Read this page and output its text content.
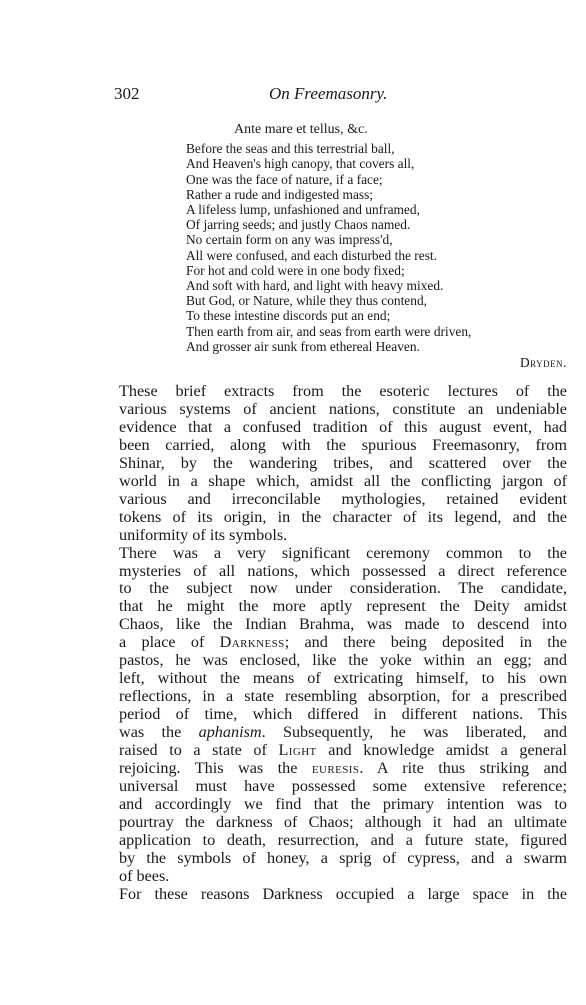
302	On Freemasonry.
Ante mare et tellus, &c.
Before the seas and this terrestrial ball,
And Heaven's high canopy, that covers all,
One was the face of nature, if a face;
Rather a rude and indigested mass;
A lifeless lump, unfashioned and unframed,
Of jarring seeds; and justly Chaos named.
No certain form on any was impress'd,
All were confused, and each disturbed the rest.
For hot and cold were in one body fixed;
And soft with hard, and light with heavy mixed.
But God, or Nature, while they thus contend,
To these intestine discords put an end;
Then earth from air, and seas from earth were driven,
And grosser air sunk from ethereal Heaven.
Dryden.

These brief extracts from the esoteric lectures of the
various systems of ancient nations, constitute an undeniable
evidence that a confused tradition of this august event, had
been carried, along with the spurious Freemasonry, from
Shinar, by the wandering tribes, and scattered over the
world in a shape which, amidst all the conflicting jargon of
various and irreconcilable mythologies, retained evident
tokens of its origin, in the character of its legend, and the
uniformity of its symbols.

There was a very significant ceremony common to the
mysteries of all nations, which possessed a direct reference
to the subject now under consideration. The candidate,
that he might the more aptly represent the Deity amidst
Chaos, like the Indian Brahma, was made to descend into
a place of Darkness; and there being deposited in the
pastos, he was enclosed, like the yoke within an egg; and
left, without the means of extricating himself, to his own
reflections, in a state resembling absorption, for a prescribed
period of time, which differed in different nations. This
was the aphanism. Subsequently, he was liberated, and
raised to a state of Light and knowledge amidst a general
rejoicing. This was the euresis. A rite thus striking and
universal must have possessed some extensive reference;
and accordingly we find that the primary intention was to
pourtray the darkness of Chaos; although it had an ultimate
application to death, resurrection, and a future state, figured
by the symbols of honey, a sprig of cypress, and a swarm
of bees.

For these reasons Darkness occupied a large space in the
